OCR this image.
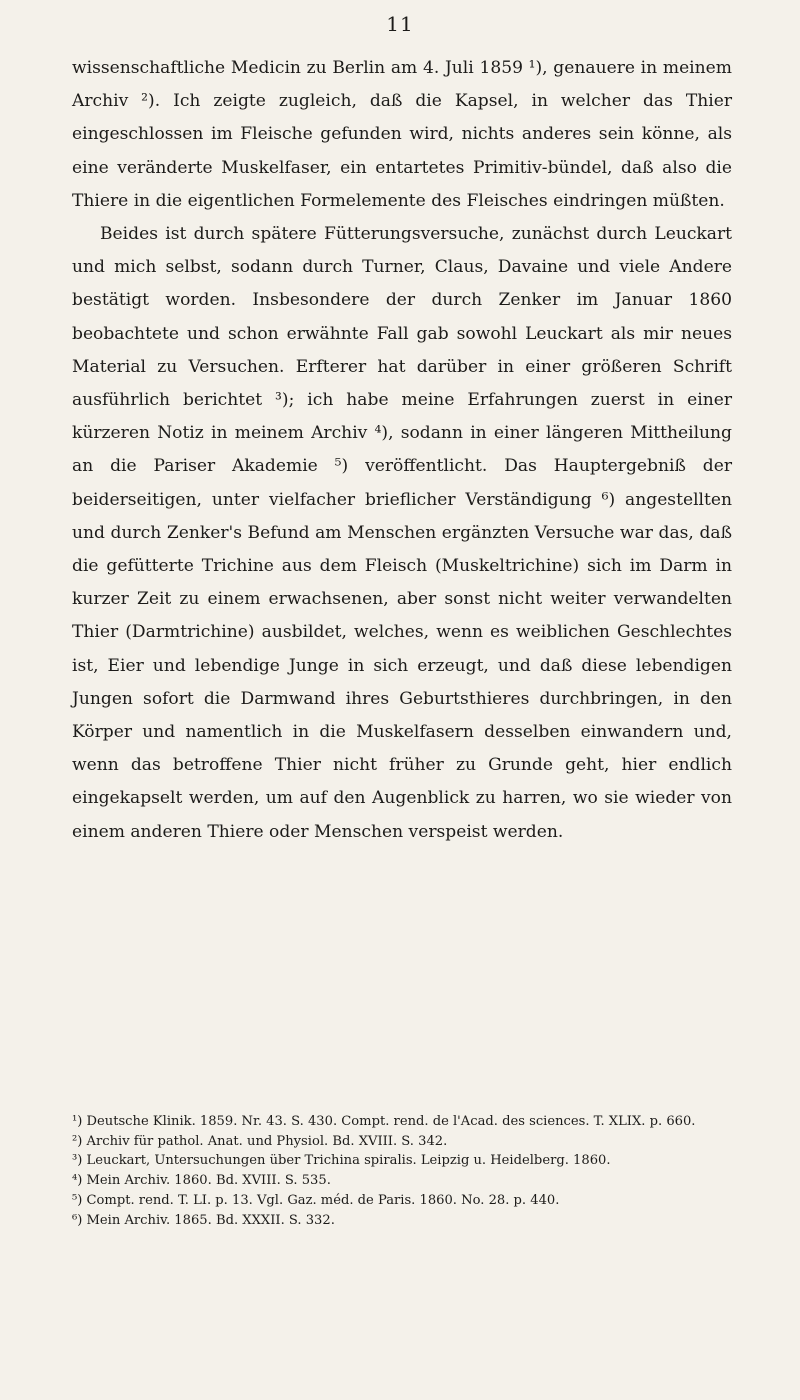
11

wissenschaftliche Medicin zu Berlin am 4. Juli 1859 ¹), genauere in meinem Archiv ²). Ich zeigte zugleich, daß die Kapsel, in welcher das Thier eingeschlossen im Fleische gefunden wird, nichts anderes sein könne, als eine veränderte Muskelfaser, ein entartetes Primitiv-bündel, daß also die Thiere in die eigentlichen Formelemente des Fleisches eindringen müßten.

Beides ist durch spätere Fütterungsversuche, zunächst durch Leuckart und mich selbst, sodann durch Turner, Claus, Davaine und viele Andere bestätigt worden. Insbesondere der durch Zenker im Januar 1860 beobachtete und schon erwähnte Fall gab sowohl Leuckart als mir neues Material zu Versuchen. Erfterer hat darüber in einer größeren Schrift ausführlich berichtet ³); ich habe meine Erfahrungen zuerst in einer kürzeren Notiz in meinem Archiv ⁴), sodann in einer längeren Mittheilung an die Pariser Akademie ⁵) veröffentlicht. Das Hauptergebniß der beiderseitigen, unter vielfacher brieflicher Verständigung ⁶) angestellten und durch Zenker's Befund am Menschen ergänzten Versuche war das, daß die gefütterte Trichine aus dem Fleisch (Muskeltrichine) sich im Darm in kurzer Zeit zu einem erwachsenen, aber sonst nicht weiter verwandelten Thier (Darmtrichine) ausbildet, welches, wenn es weiblichen Geschlechtes ist, Eier und lebendige Junge in sich erzeugt, und daß diese lebendigen Jungen sofort die Darmwand ihres Geburtsthieres durchbringen, in den Körper und namentlich in die Muskelfasern desselben einwandern und, wenn das betroffene Thier nicht früher zu Grunde geht, hier endlich eingekapselt werden, um auf den Augenblick zu harren, wo sie wieder von einem anderen Thiere oder Menschen verspeist werden.

¹) Deutsche Klinik. 1859. Nr. 43. S. 430. Compt. rend. de l'Acad. des sciences. T. XLIX. p. 660.

²) Archiv für pathol. Anat. und Physiol. Bd. XVIII. S. 342.

³) Leuckart, Untersuchungen über Trichina spiralis. Leipzig u. Heidelberg. 1860.

⁴) Mein Archiv. 1860. Bd. XVIII. S. 535.

⁵) Compt. rend. T. LI. p. 13. Vgl. Gaz. méd. de Paris. 1860. No. 28. p. 440.

⁶) Mein Archiv. 1865. Bd. XXXII. S. 332.
